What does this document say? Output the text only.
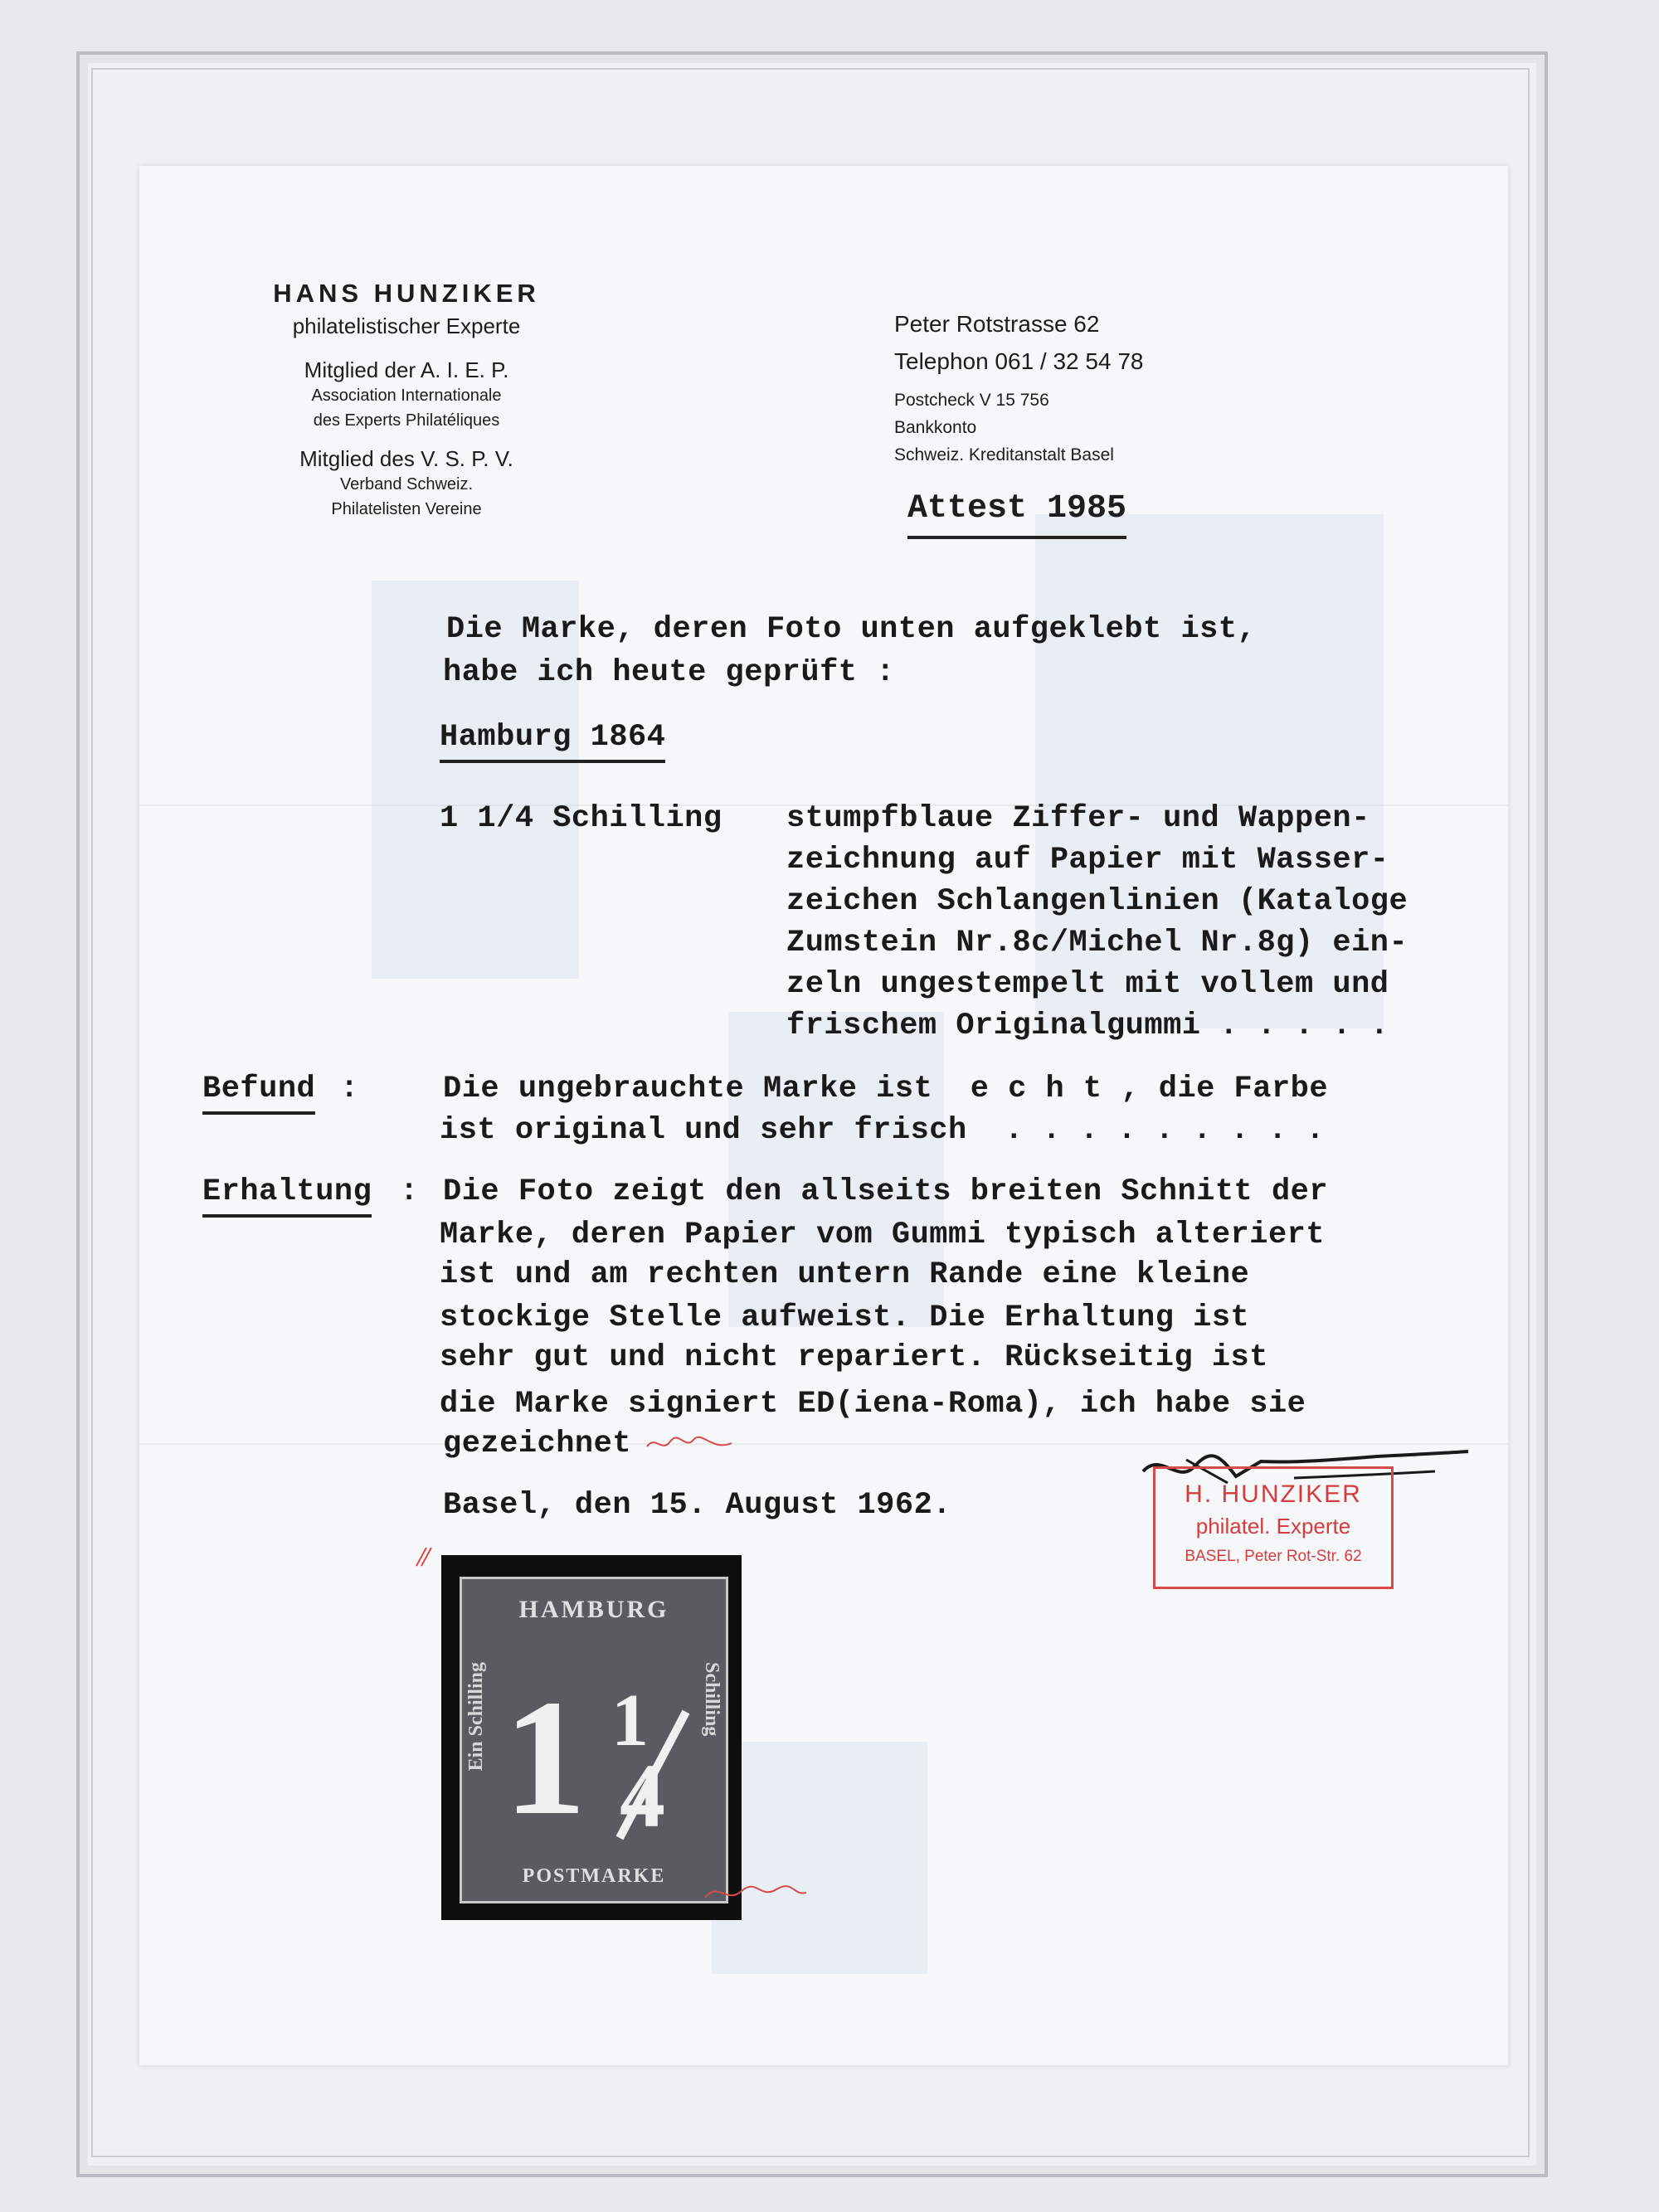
HANS HUNZIKER
philatelistischer Experte
Mitglied der A. I. E. P.
Association Internationale
des Experts Philatéliques
Mitglied des V. S. P. V.
Verband Schweiz.
Philatelisten Vereine
Peter Rotstrasse 62
Telephon 061 / 32 54 78
Postcheck V 15 756
Bankkonto
Schweiz. Kreditanstalt Basel
Attest 1985
Die Marke, deren Foto unten aufgeklebt ist,
habe ich heute geprüft :
Hamburg 1864
1 1/4 Schilling stumpfblaue Ziffer- und Wappen-
zeichnung auf Papier mit Wasser-
zeichen Schlangenlinien (Kataloge
Zumstein Nr.8c/Michel Nr.8g) ein-
zeln ungestempelt mit vollem und
frischem Originalgummi . . . . .
Befund :	Die ungebrauchte Marke ist  e c h t , die Farbe
ist original und sehr frisch  . . . . . . . . .
Erhaltung : Die Foto zeigt den allseits breiten Schnitt der
Marke, deren Papier vom Gummi typisch alteriert
ist und am rechten untern Rande eine kleine
stockige Stelle aufweist. Die Erhaltung ist
sehr gut und nicht repariert. Rückseitig ist
die Marke signiert ED(iena-Roma), ich habe sie
gezeichnet
Basel, den 15. August 1962.	H. HUNZIKER
philatel. Experte
BASEL, Peter Rot-Str. 62
HAMBURG
Ein Schilling	Schilling
1 1
4
POSTMARKE
